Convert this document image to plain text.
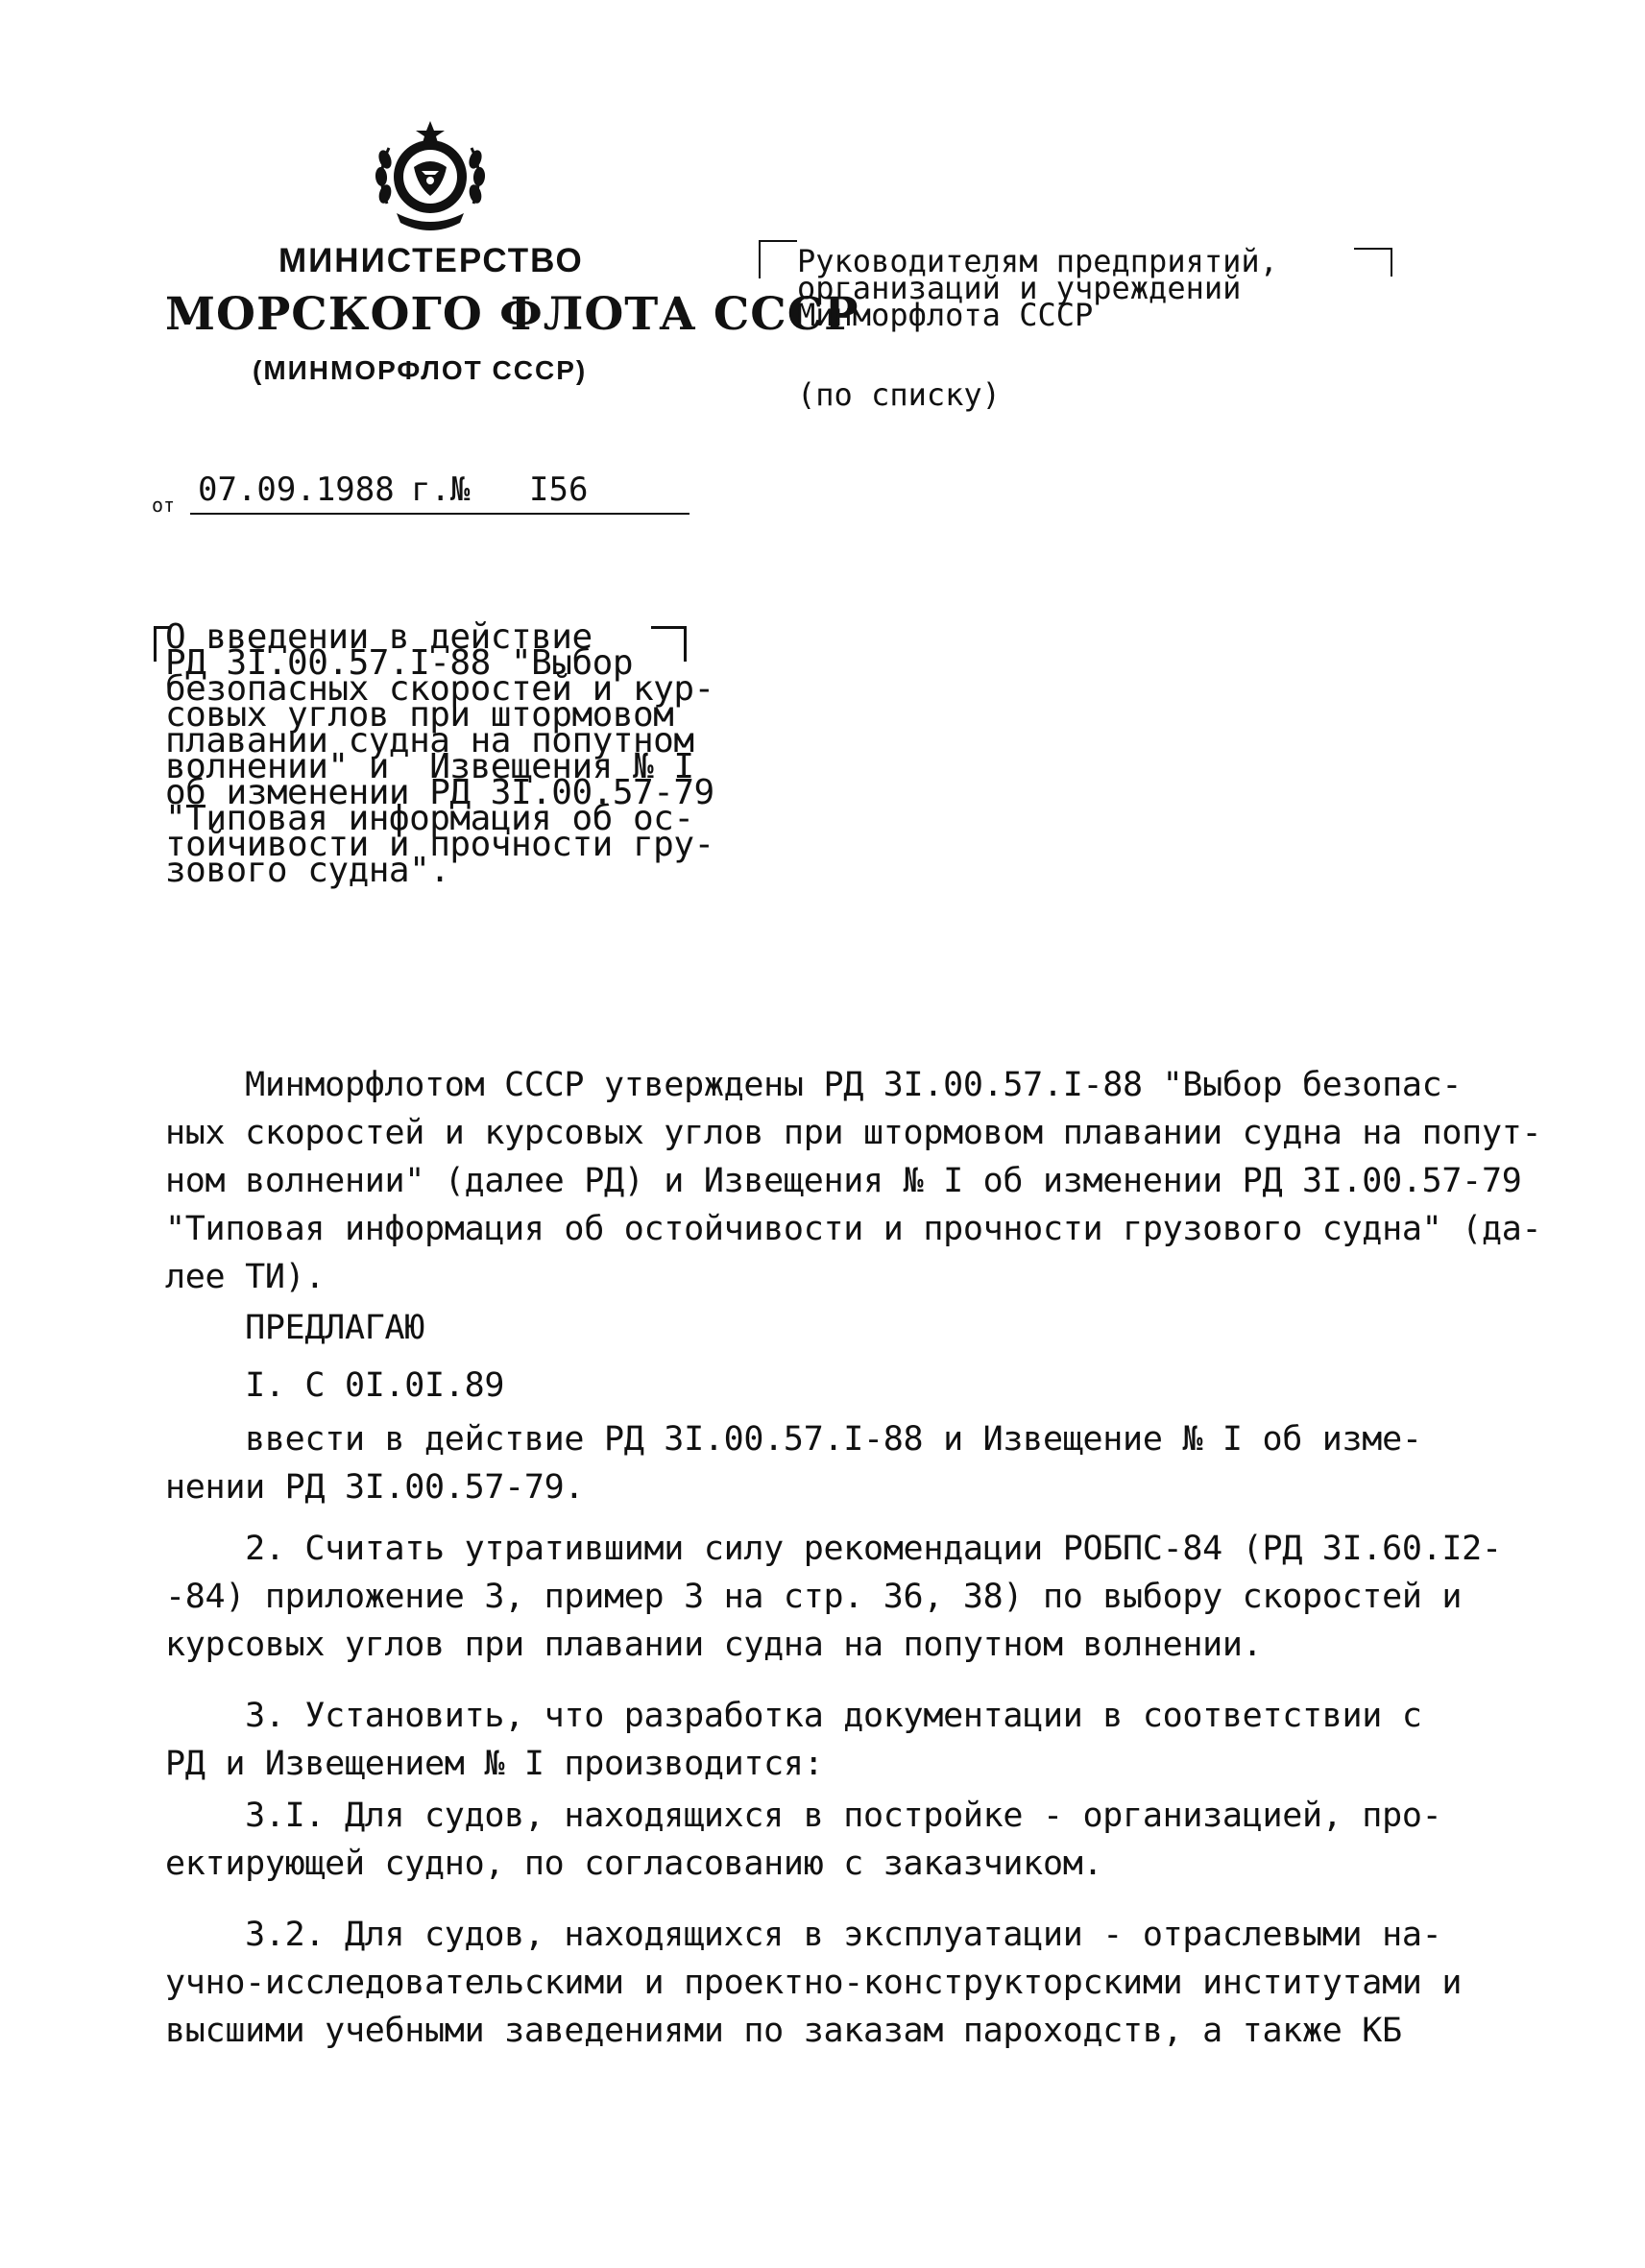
МИНИСТЕРСТВО
МОРСКОГО ФЛОТА СССР
(МИНМОРФЛОТ СССР)
Руководителям предприятий,
организаций и учреждений
Минморфлота СССР
(по списку)
от 07.09.1988 г.№ I56
О введении в действие
РД 3I.00.57.I-88 "Выбор
безопасных скоростей и кур-
совых углов при штормовом
плавании судна на попутном
волнении" и  Извещения № I
об изменении РД 3I.00.57-79
"Типовая информация об ос-
тойчивости и прочности гру-
зового судна".
Минморфлотом СССР утверждены РД 3I.00.57.I-88 "Выбор безопас-
ных скоростей и курсовых углов при штормовом плавании судна на попут-
ном волнении" (далее РД) и Извещения № I об изменении РД 3I.00.57-79
"Типовая информация об остойчивости и прочности грузового судна" (да-
лее ТИ).
ПРЕДЛАГАЮ
I. С 0I.0I.89
ввести в действие РД 3I.00.57.I-88 и Извещение № I об изме-
нении РД 3I.00.57-79.
2. Считать утратившими силу рекомендации РОБПС-84 (РД 3I.60.I2-
-84) приложение 3, пример 3 на стр. 36, 38) по выбору скоростей и
курсовых углов при плавании судна на попутном волнении.
3. Установить, что разработка документации в соответствии с
РД и Извещением № I производится:
3.I. Для судов, находящихся в постройке - организацией, про-
ектирующей судно, по согласованию с заказчиком.
3.2. Для судов, находящихся в эксплуатации - отраслевыми на-
учно-исследовательскими и проектно-конструкторскими институтами и
высшими учебными заведениями по заказам пароходств, а также КБ
